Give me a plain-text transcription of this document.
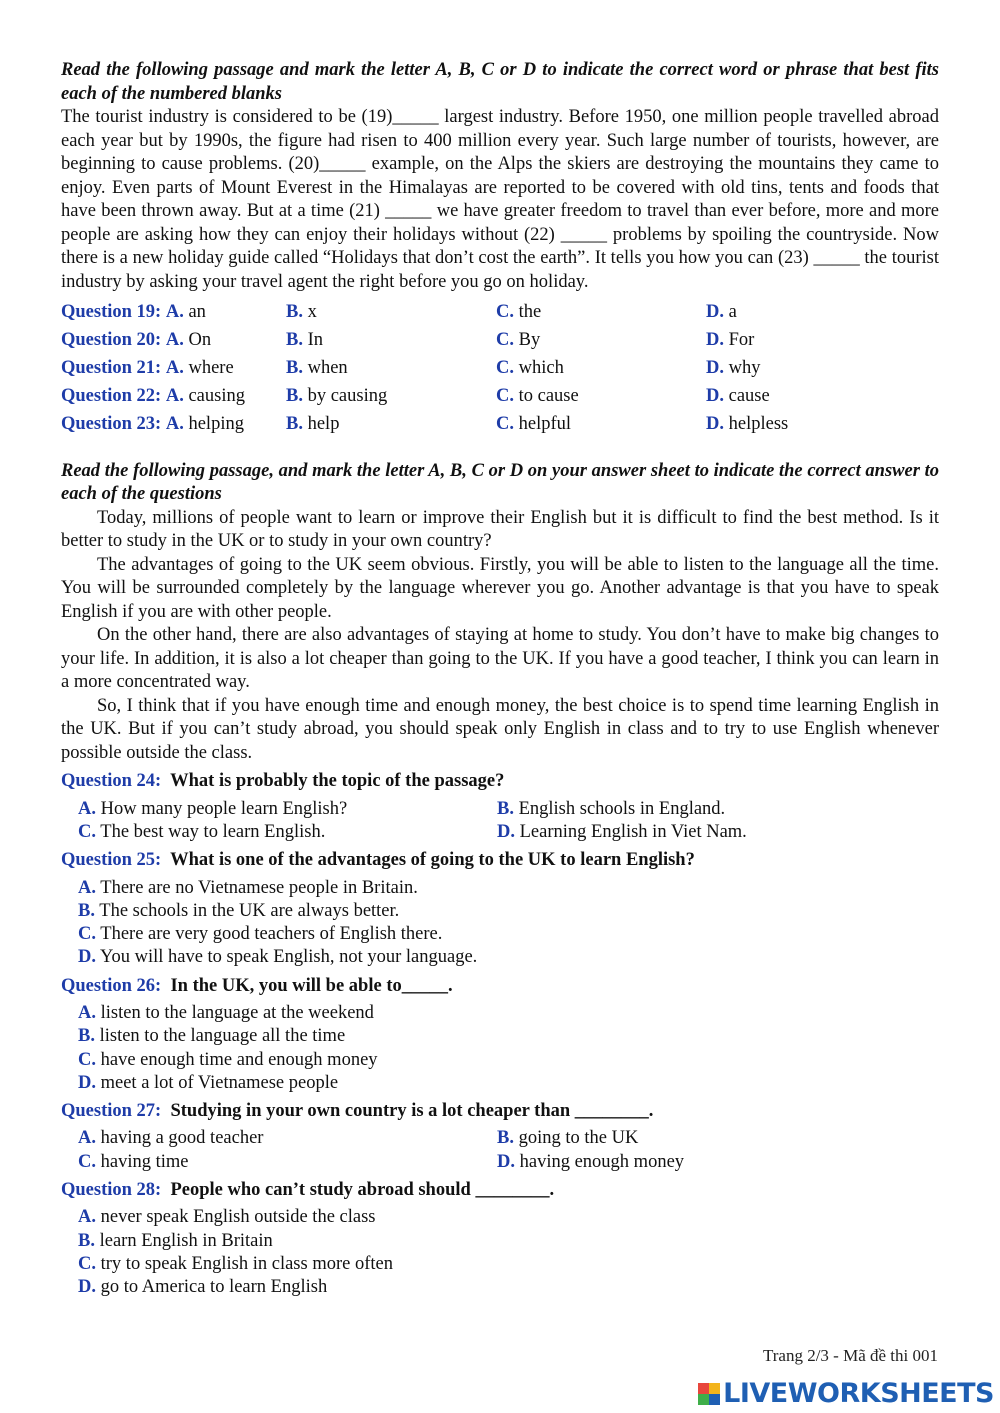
Read the following passage and mark the letter A, B, C or D to indicate the correct word or phrase that best fits each of the numbered blanks
The tourist industry is considered to be (19)_____ largest industry. Before 1950, one million people travelled abroad each year but by 1990s, the figure had risen to 400 million every year. Such large number of tourists, however, are beginning to cause problems. (20)_____ example, on the Alps the skiers are destroying the mountains they came to enjoy. Even parts of Mount Everest in the Himalayas are reported to be covered with old tins, tents and foods that have been thrown away. But at a time (21) _____ we have greater freedom to travel than ever before, more and more people are asking how they can enjoy their holidays without (22) _____ problems by spoiling the countryside. Now there is a new holiday guide called “Holidays that don’t cost the earth”. It tells you how you can (23) _____ the tourist industry by asking your travel agent the right before you go on holiday.
Question 19: A. an	B. x	C. the	D. a
Question 20: A. On	B. In	C. By	D. For
Question 21: A. where	B. when	C. which	D. why
Question 22: A. causing	B. by causing	C. to cause	D. cause
Question 23: A. helping	B. help	C. helpful	D. helpless
Read the following passage, and mark the letter A, B, C or D on your answer sheet to indicate the correct answer to each of the questions
Today, millions of people want to learn or improve their English but it is difficult to find the best method. Is it better to study in the UK or to study in your own country?
The advantages of going to the UK seem obvious. Firstly, you will be able to listen to the language all the time. You will be surrounded completely by the language wherever you go. Another advantage is that you have to speak English if you are with other people.
On the other hand, there are also advantages of staying at home to study. You don’t have to make big changes to your life. In addition, it is also a lot cheaper than going to the UK. If you have a good teacher, I think you can learn in a more concentrated way.
So, I think that if you have enough time and enough money, the best choice is to spend time learning English in the UK. But if you can’t study abroad, you should speak only English in class and to try to use English whenever possible outside the class.
Question 24: What is probably the topic of the passage?
A. How many people learn English?	B. English schools in England.
C. The best way to learn English.	D. Learning English in Viet Nam.
Question 25: What is one of the advantages of going to the UK to learn English?
A. There are no Vietnamese people in Britain.
B. The schools in the UK are always better.
C. There are very good teachers of English there.
D. You will have to speak English, not your language.
Question 26: In the UK, you will be able to_____.
A. listen to the language at the weekend
B. listen to the language all the time
C. have enough time and enough money
D. meet a lot of Vietnamese people
Question 27: Studying in your own country is a lot cheaper than ________.
A. having a good teacher	B. going to the UK
C. having time	D. having enough money
Question 28: People who can’t study abroad should ________.
A. never speak English outside the class
B. learn English in Britain
C. try to speak English in class more often
D. go to America to learn English
Trang 2/3 - Mã đề thi 001
LIVEWORKSHEETS
